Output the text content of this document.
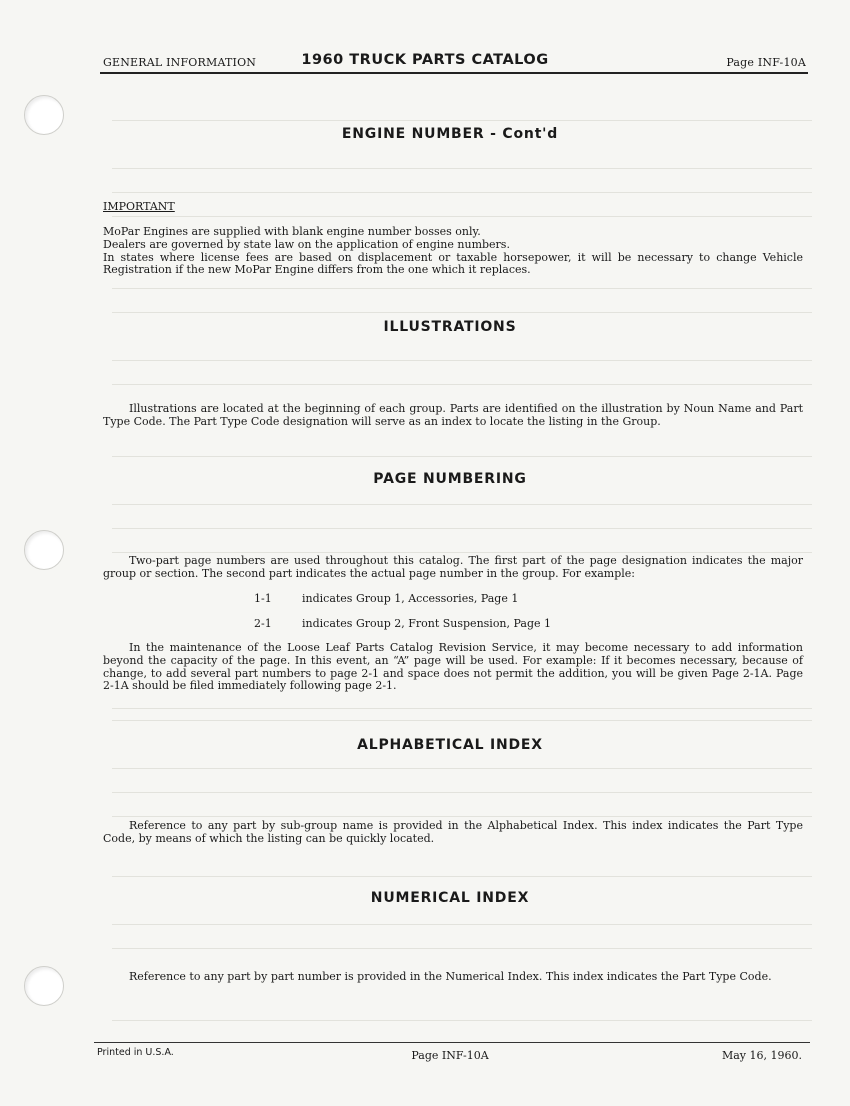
GENERAL INFORMATION	1960 TRUCK PARTS CATALOG	Page INF-10A
ENGINE NUMBER - Cont'd
IMPORTANT
MoPar Engines are supplied with blank engine number bosses only.
Dealers are governed by state law on the application of engine numbers.
In states where license fees are based on displacement or taxable horsepower, it will be necessary to change Vehicle Registration if the new MoPar Engine differs from the one which it replaces.
ILLUSTRATIONS
Illustrations are located at the beginning of each group. Parts are identified on the illustration by Noun Name and Part Type Code. The Part Type Code designation will serve as an index to locate the listing in the Group.
PAGE NUMBERING
Two-part page numbers are used throughout this catalog. The first part of the page designation indicates the major group or section. The second part indicates the actual page number in the group. For example:
1-1	indicates Group 1, Accessories, Page 1
2-1	indicates Group 2, Front Suspension, Page 1
In the maintenance of the Loose Leaf Parts Catalog Revision Service, it may become necessary to add information beyond the capacity of the page. In this event, an “A” page will be used. For example: If it becomes necessary, because of change, to add several part numbers to page 2-1 and space does not permit the addition, you will be given Page 2-1A. Page 2-1A should be filed immediately following page 2-1.
ALPHABETICAL INDEX
Reference to any part by sub-group name is provided in the Alphabetical Index. This index indicates the Part Type Code, by means of which the listing can be quickly located.
NUMERICAL INDEX
Reference to any part by part number is provided in the Numerical Index. This index indicates the Part Type Code.
Printed in U.S.A.	Page INF-10A	May 16, 1960.
